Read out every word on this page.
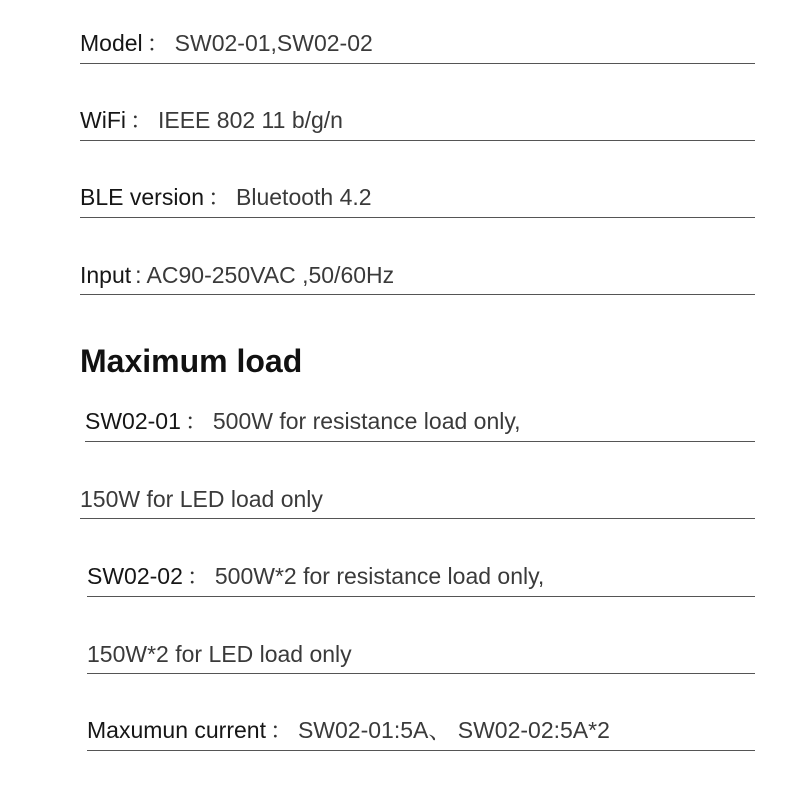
Model ： SW02-01,SW02-02
WiFi ： IEEE 802 11 b/g/n
BLE version ： Bluetooth 4.2
Input : AC90-250VAC ,50/60Hz
Maximum load
SW02-01 ： 500W for resistance load only,
150W for LED load only
SW02-02 ： 500W*2 for resistance load only,
150W*2 for LED load only
Maxumun current ： SW02-01:5A、 SW02-02:5A*2
